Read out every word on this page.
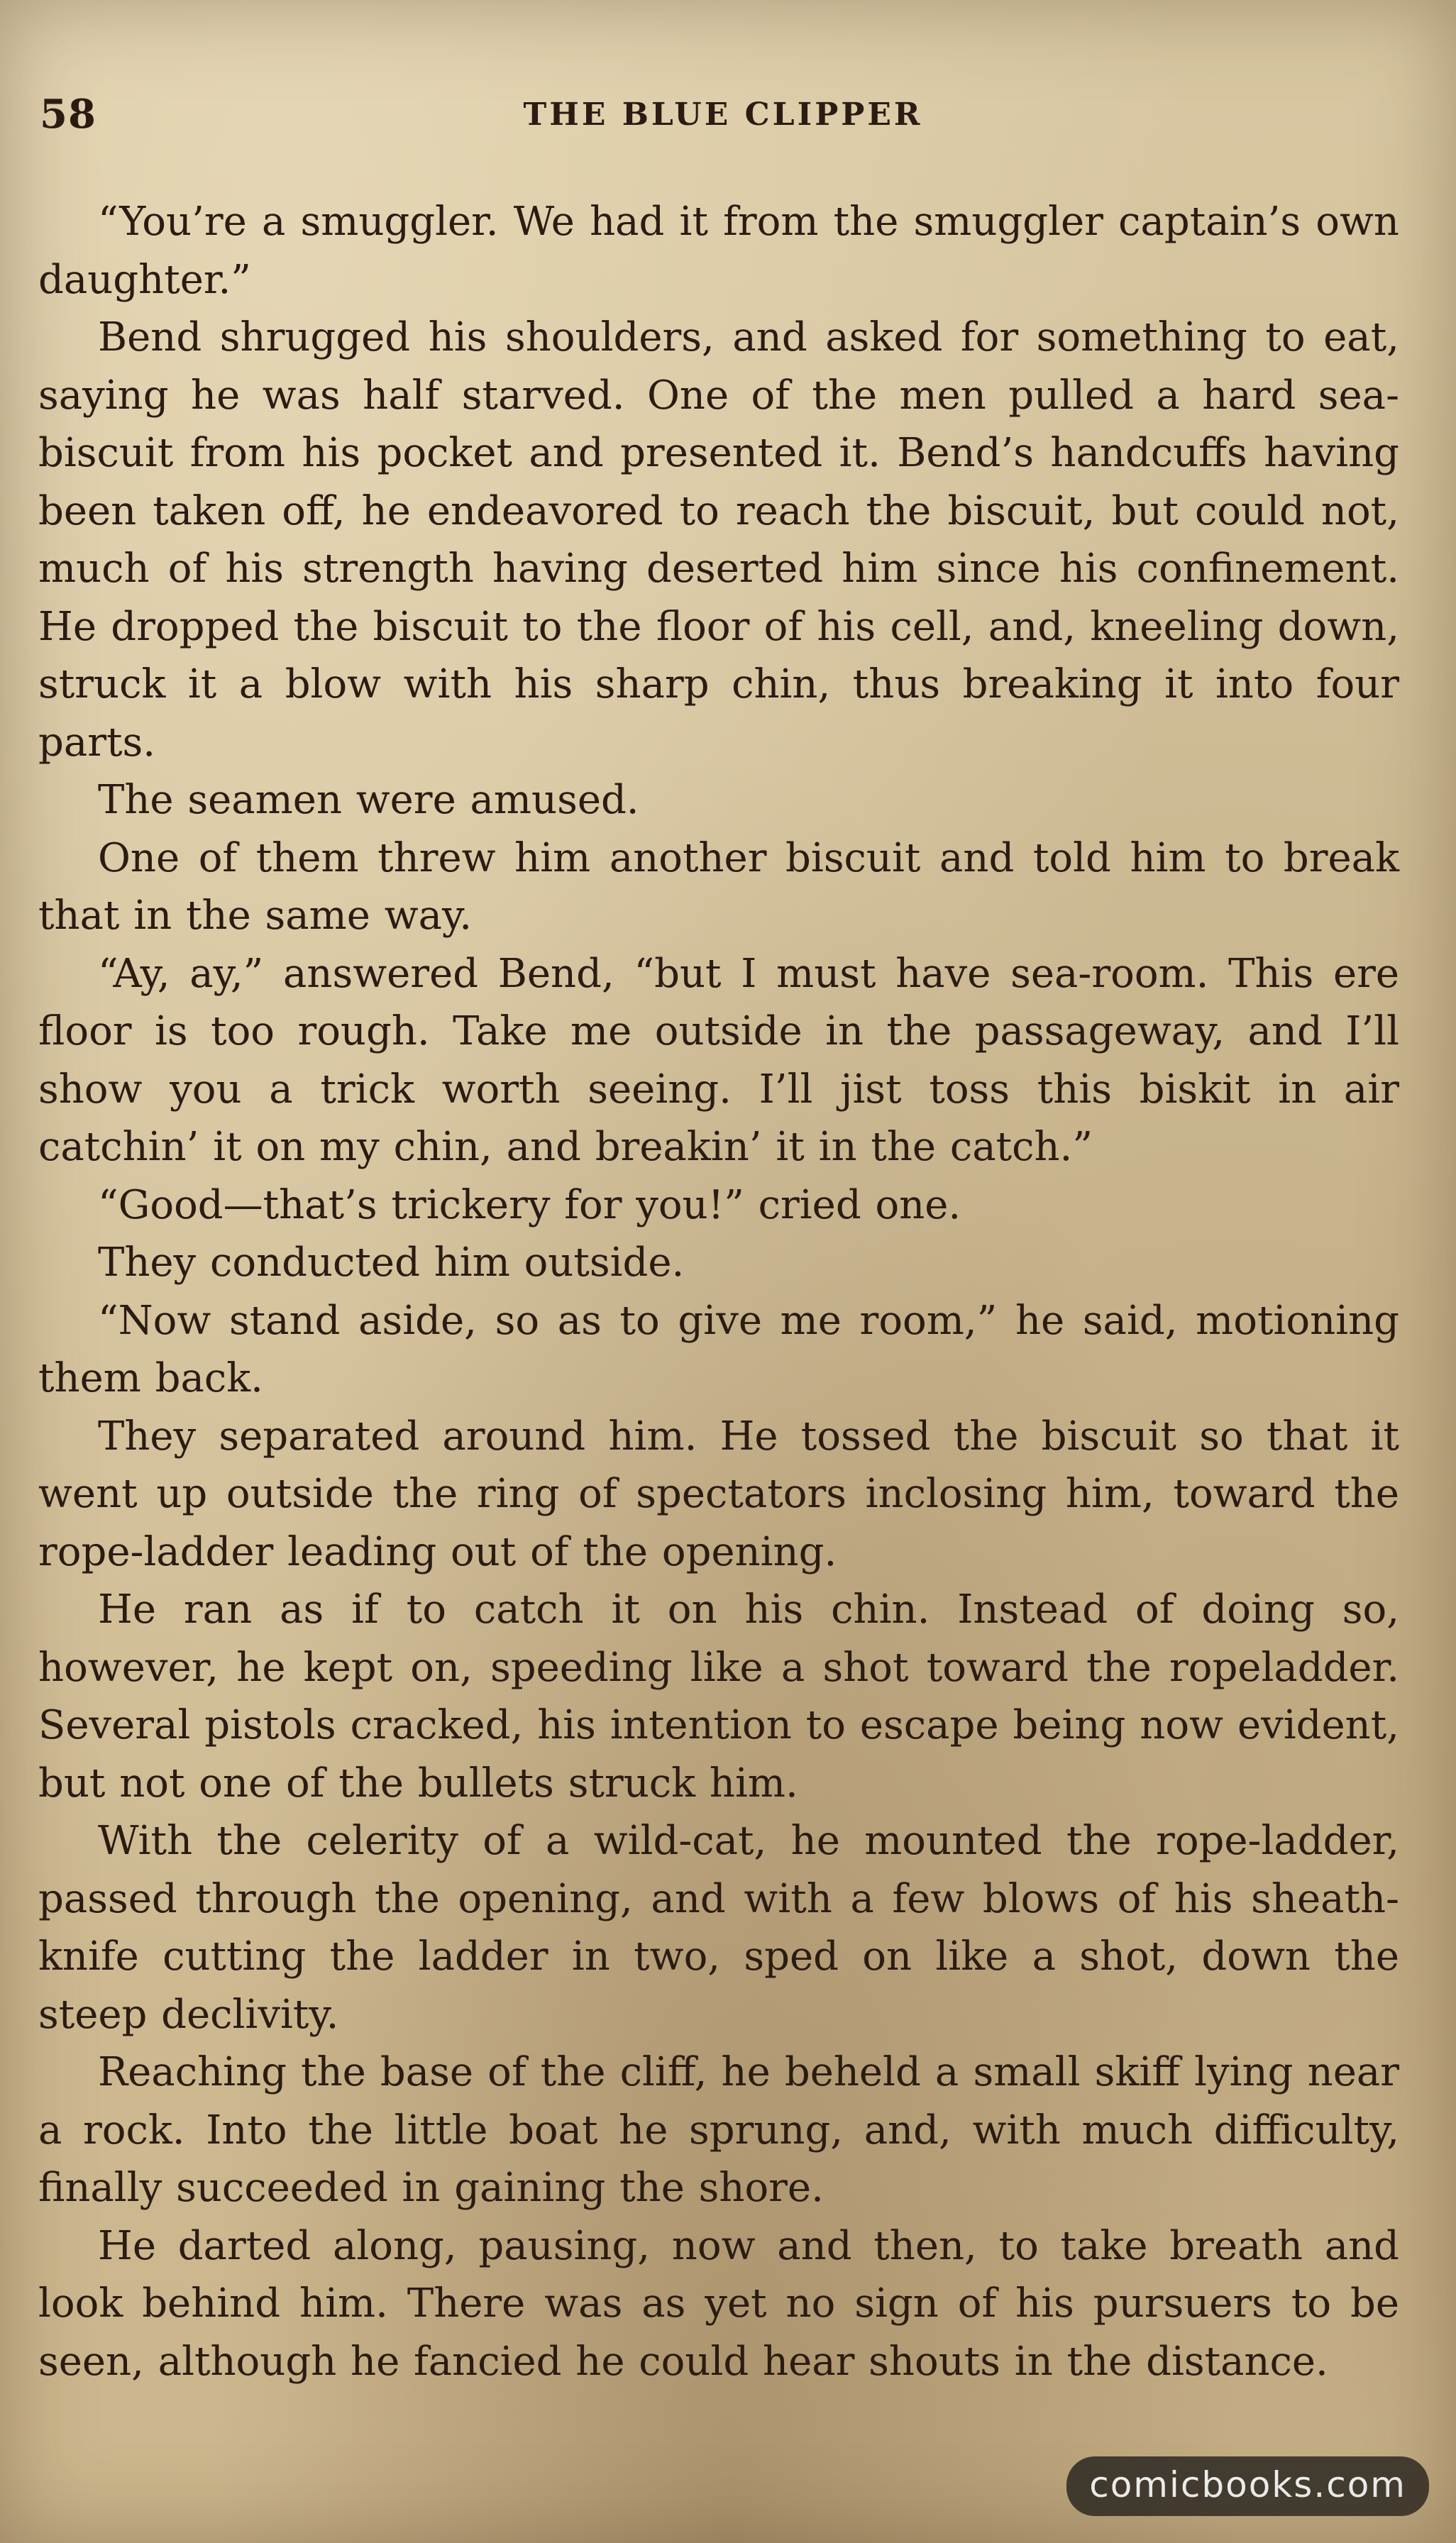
58	THE BLUE CLIPPER

“You’re a smuggler. We had it from the smuggler captain’s own daughter.”

Bend shrugged his shoulders, and asked for something to eat, saying he was half starved. One of the men pulled a hard sea-biscuit from his pocket and presented it. Bend’s handcuffs having been taken off, he endeavored to reach the biscuit, but could not, much of his strength having deserted him since his confinement. He dropped the biscuit to the floor of his cell, and, kneeling down, struck it a blow with his sharp chin, thus breaking it into four parts.

The seamen were amused.

One of them threw him another biscuit and told him to break that in the same way.

“Ay, ay,” answered Bend, “but I must have sea-room. This ere floor is too rough. Take me outside in the passageway, and I’ll show you a trick worth seeing. I’ll jist toss this biskit in air catchin’ it on my chin, and breakin’ it in the catch.”

“Good—that’s trickery for you!” cried one.

They conducted him outside.

“Now stand aside, so as to give me room,” he said, motioning them back.

They separated around him. He tossed the biscuit so that it went up outside the ring of spectators inclosing him, toward the rope-ladder leading out of the opening.

He ran as if to catch it on his chin. Instead of doing so, however, he kept on, speeding like a shot toward the ropeladder. Several pistols cracked, his intention to escape being now evident, but not one of the bullets struck him.

With the celerity of a wild-cat, he mounted the rope-ladder, passed through the opening, and with a few blows of his sheath-knife cutting the ladder in two, sped on like a shot, down the steep declivity.

Reaching the base of the cliff, he beheld a small skiff lying near a rock. Into the little boat he sprung, and, with much difficulty, finally succeeded in gaining the shore.

He darted along, pausing, now and then, to take breath and look behind him. There was as yet no sign of his pursuers to be seen, although he fancied he could hear shouts in the distance.

comicbooks.com
